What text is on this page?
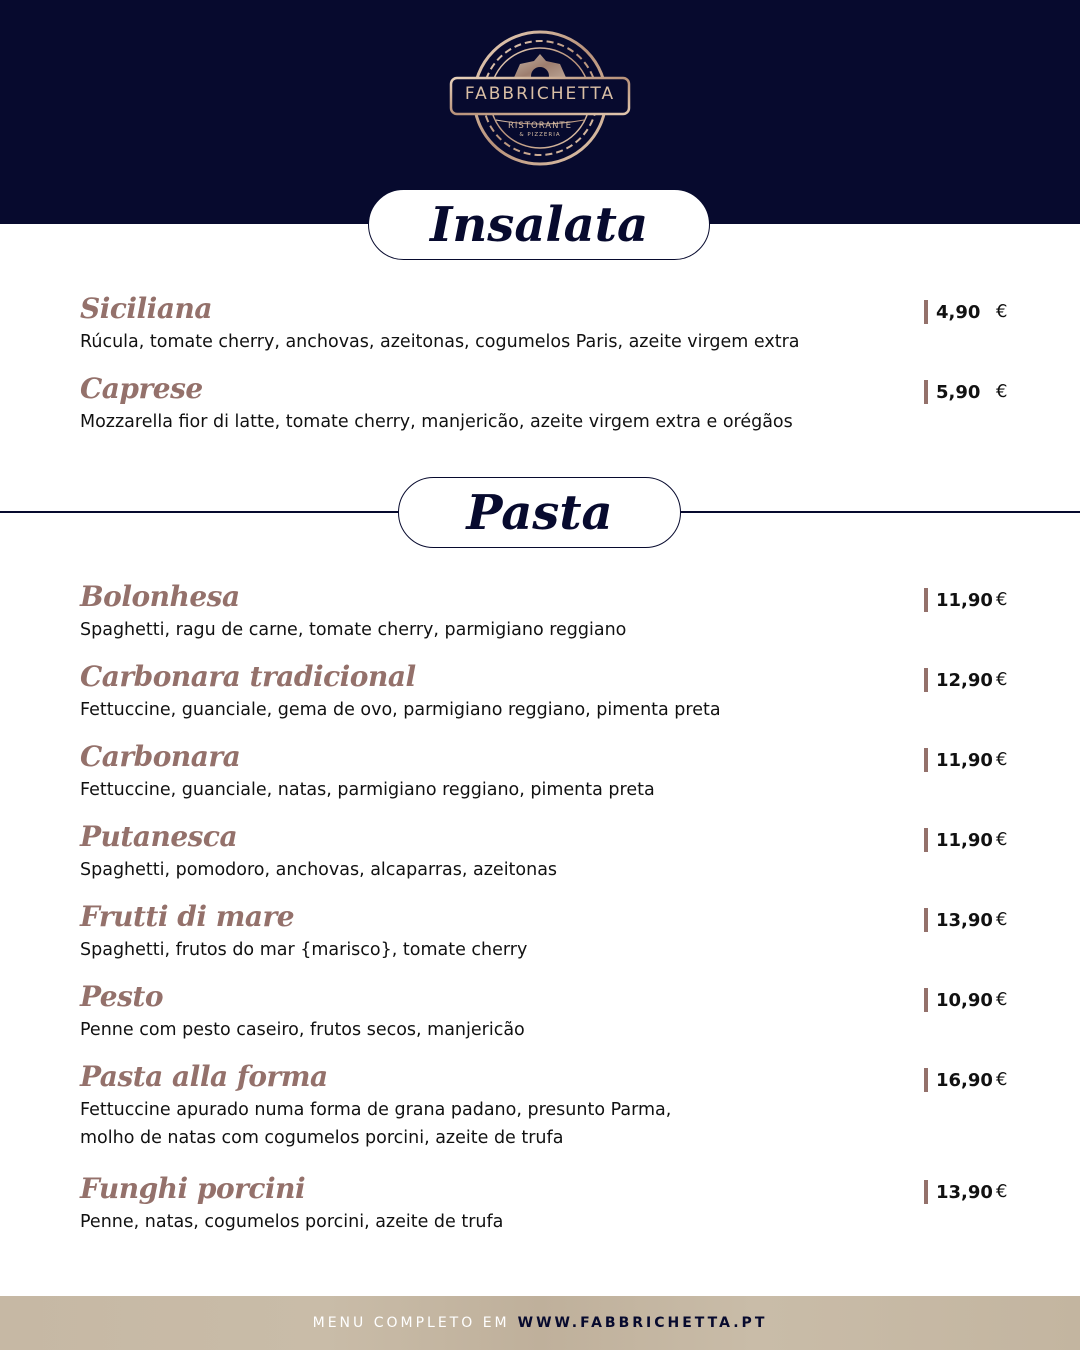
FABBRICHETTA
RISTORANTE
& PIZZERIA
Insalata
Pasta
Siciliana
Rúcula, tomate cherry, anchovas, azeitonas, cogumelos Paris, azeite virgem extra
4,90 €
Caprese
Mozzarella fior di latte, tomate cherry, manjericão, azeite virgem extra e orégãos
5,90 €
Bolonhesa
Spaghetti, ragu de carne, tomate cherry, parmigiano reggiano
11,90 €
Carbonara tradicional
Fettuccine, guanciale, gema de ovo, parmigiano reggiano, pimenta preta
12,90 €
Carbonara
Fettuccine, guanciale, natas, parmigiano reggiano, pimenta preta
11,90 €
Putanesca
Spaghetti, pomodoro, anchovas, alcaparras, azeitonas
11,90 €
Frutti di mare
Spaghetti, frutos do mar {marisco}, tomate cherry
13,90 €
Pesto
Penne com pesto caseiro, frutos secos, manjericão
10,90 €
Pasta alla forma
Fettuccine apurado numa forma de grana padano, presunto Parma,
molho de natas com cogumelos porcini, azeite de trufa
16,90 €
Funghi porcini
Penne, natas, cogumelos porcini, azeite de trufa
13,90 €
MENU COMPLETO EM WWW.FABBRICHETTA.PT
